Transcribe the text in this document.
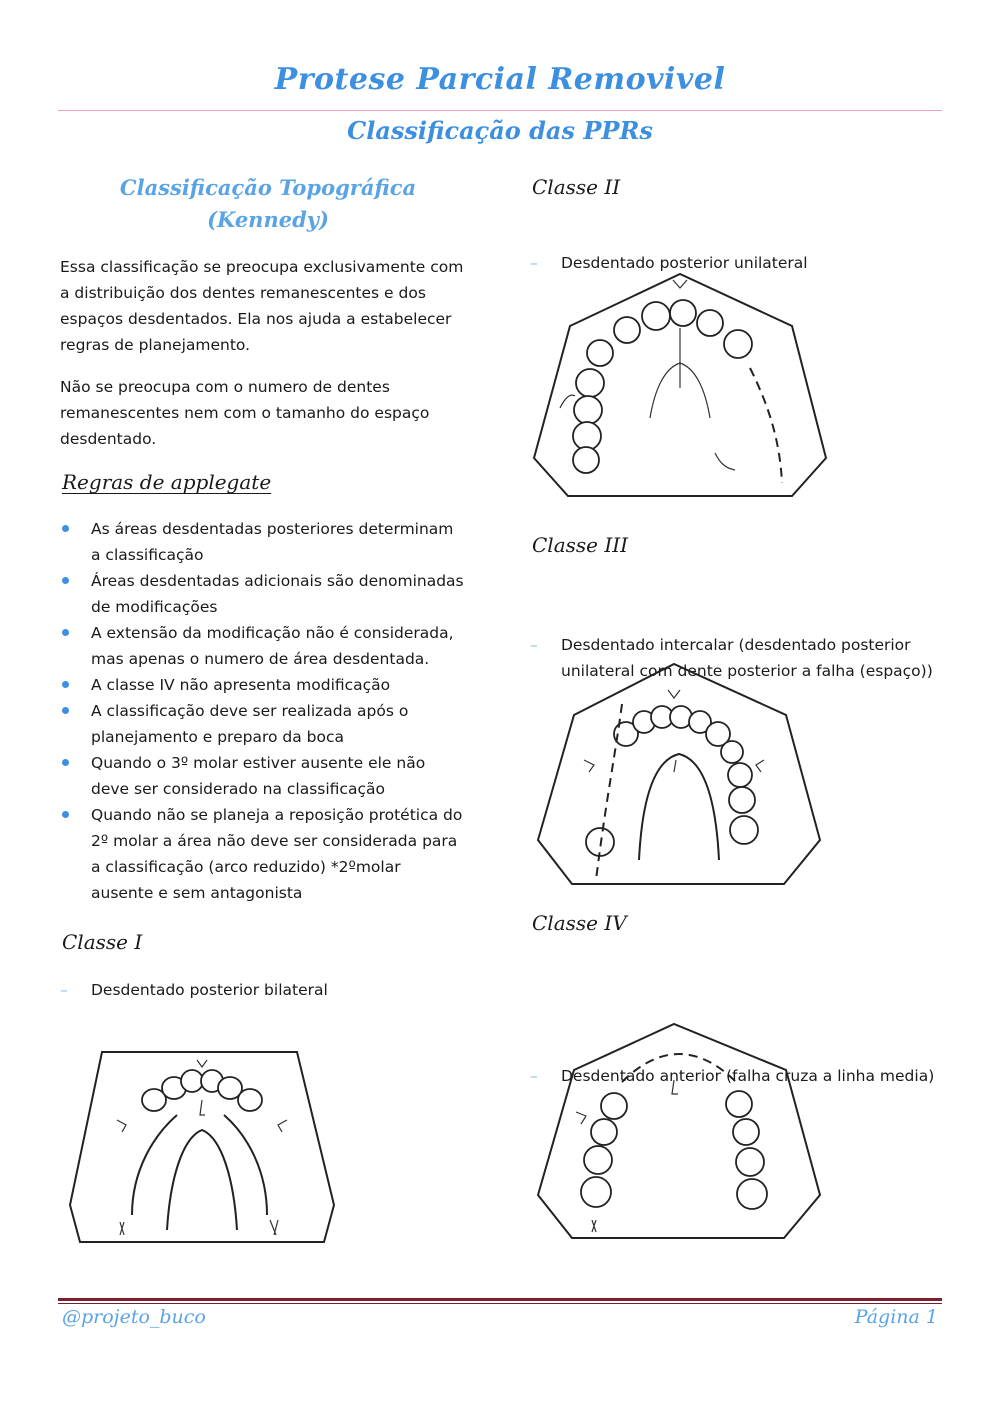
Protese Parcial Removivel
Classificação das PPRs
Classificação Topográfica
(Kennedy)
Essa classificação se preocupa exclusivamente com a distribuição dos dentes remanescentes e dos espaços desdentados. Ela nos ajuda a estabelecer regras de planejamento.
Não se preocupa com o numero de dentes remanescentes nem com o tamanho do espaço desdentado.
Regras de applegate
As áreas desdentadas posteriores determinam a classificação
Áreas desdentadas adicionais são denominadas de modificações
A extensão da modificação não é considerada, mas apenas o numero de área desdentada.
A classe IV não apresenta modificação
A classificação deve ser realizada após o planejamento e preparo da boca
Quando o 3º molar estiver ausente ele não deve ser considerado na classificação
Quando não se planeja a reposição protética do 2º molar a área não deve ser considerada para a classificação (arco reduzido) *2ºmolar ausente e sem antagonista
Classe I
– Desdentado posterior bilateral
Classe II
– Desdentado posterior unilateral
Classe III
– Desdentado intercalar (desdentado posterior unilateral com dente posterior a falha (espaço))
Classe IV
– Desdentado anterior (falha cruza a linha media)
@projeto_buco	Página 1
